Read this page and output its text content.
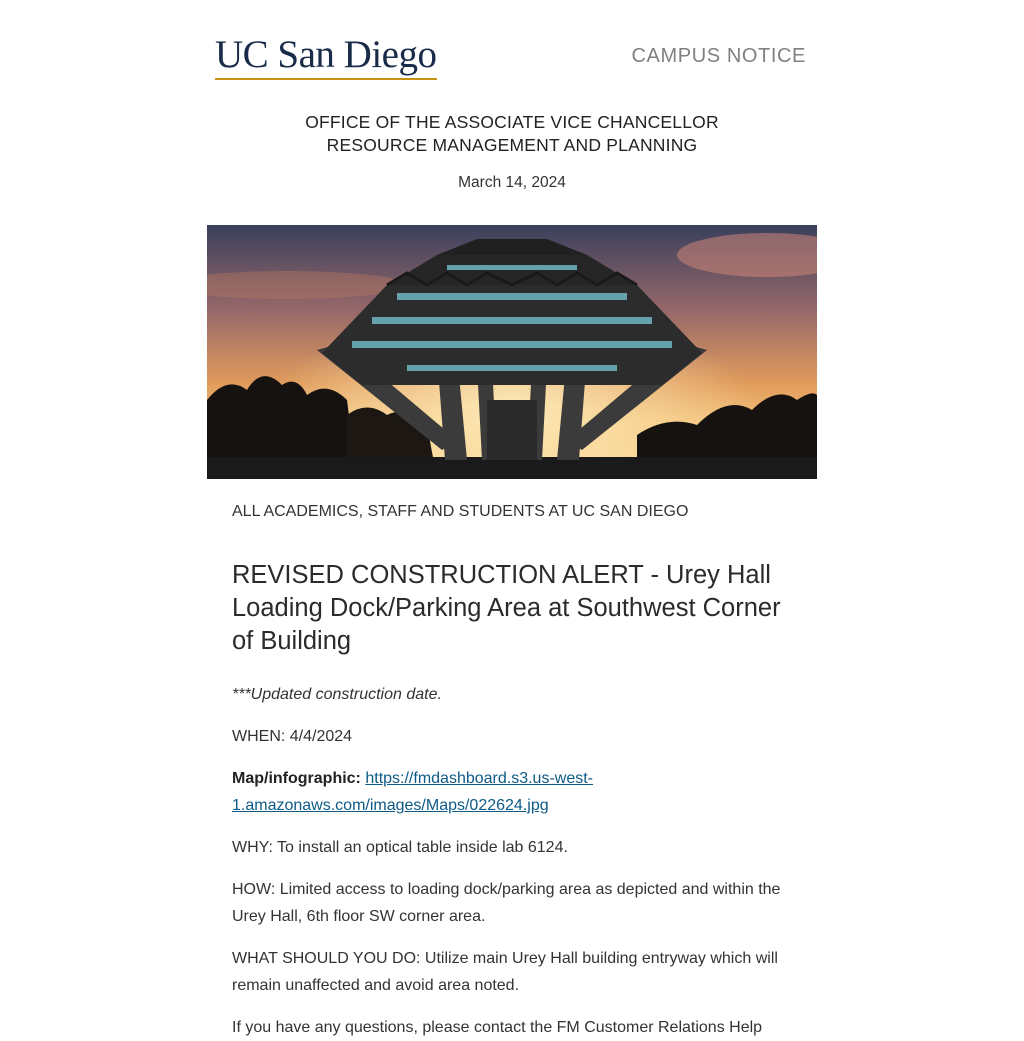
UC San Diego	CAMPUS NOTICE
OFFICE OF THE ASSOCIATE VICE CHANCELLOR
RESOURCE MANAGEMENT AND PLANNING
March 14, 2024

ALL ACADEMICS, STAFF AND STUDENTS AT UC SAN DIEGO

REVISED CONSTRUCTION ALERT - Urey Hall Loading Dock/Parking Area at Southwest Corner of Building

***Updated construction date.

WHEN: 4/4/2024

Map/infographic: https://fmdashboard.s3.us-west-1.amazonaws.com/images/Maps/022624.jpg

WHY: To install an optical table inside lab 6124.

HOW: Limited access to loading dock/parking area as depicted and within the Urey Hall, 6th floor SW corner area.

WHAT SHOULD YOU DO: Utilize main Urey Hall building entryway which will remain unaffected and avoid area noted.

If you have any questions, please contact the FM Customer Relations Help
